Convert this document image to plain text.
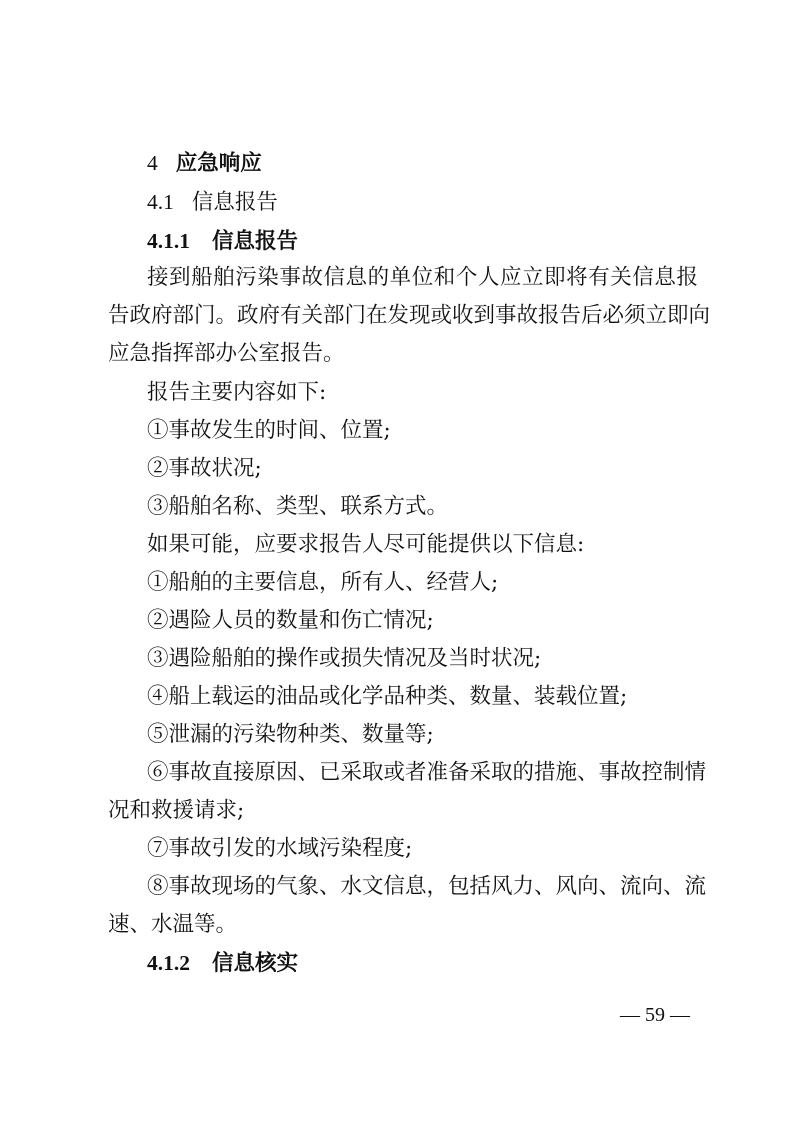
4 应急响应
4.1 信息报告
4.1.1 信息报告
接到船舶污染事故信息的单位和个人应立即将有关信息报
告政府部门。政府有关部门在发现或收到事故报告后必须立即向
应急指挥部办公室报告。
报告主要内容如下:
①事故发生的时间、位置;
②事故状况;
③船舶名称、类型、联系方式。
如果可能，应要求报告人尽可能提供以下信息:
①船舶的主要信息，所有人、经营人;
②遇险人员的数量和伤亡情况;
③遇险船舶的操作或损失情况及当时状况;
④船上载运的油品或化学品种类、数量、装载位置;
⑤泄漏的污染物种类、数量等;
⑥事故直接原因、已采取或者准备采取的措施、事故控制情
况和救援请求;
⑦事故引发的水域污染程度;
⑧事故现场的气象、水文信息，包括风力、风向、流向、流
速、水温等。
4.1.2 信息核实
— 59 —
